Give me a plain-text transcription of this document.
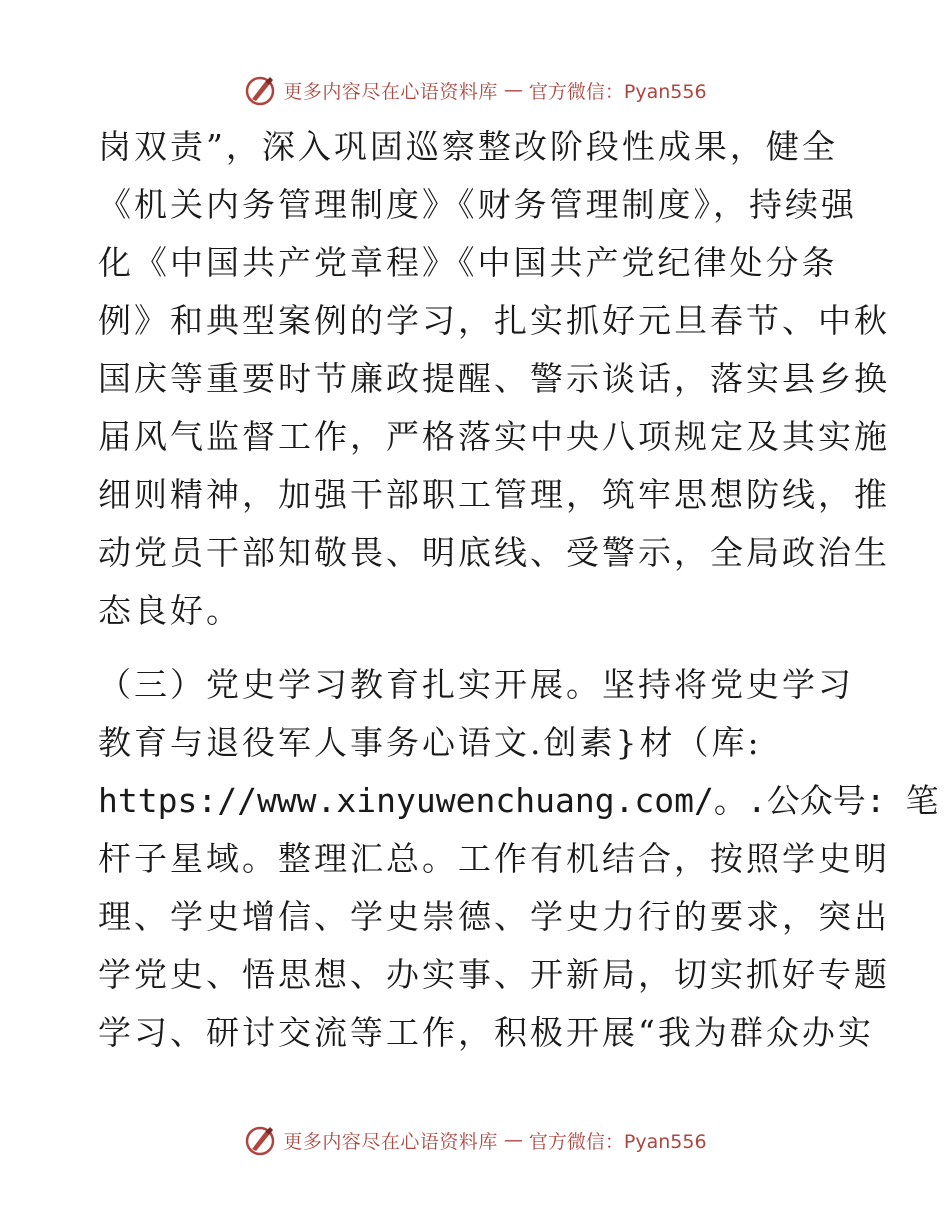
更多内容尽在心语资料库 — 官方微信：Pyan556
岗双责”，深入巩固巡察整改阶段性成果，健全
《机关内务管理制度》《财务管理制度》，持续强
化《中国共产党章程》《中国共产党纪律处分条
例》和典型案例的学习，扎实抓好元旦春节、中秋
国庆等重要时节廉政提醒、警示谈话，落实县乡换
届风气监督工作，严格落实中央八项规定及其实施
细则精神，加强干部职工管理，筑牢思想防线，推
动党员干部知敬畏、明底线、受警示，全局政治生
态良好。
（三）党史学习教育扎实开展。坚持将党史学习
教育与退役军人事务心语文.创素}材（库:
https://www.xinyuwenchuang.com/。.公众号: 笔
杆子星域。整理汇总。工作有机结合，按照学史明
理、学史增信、学史崇德、学史力行的要求，突出
学党史、悟思想、办实事、开新局，切实抓好专题
学习、研讨交流等工作，积极开展“我为群众办实
更多内容尽在心语资料库 — 官方微信：Pyan556
